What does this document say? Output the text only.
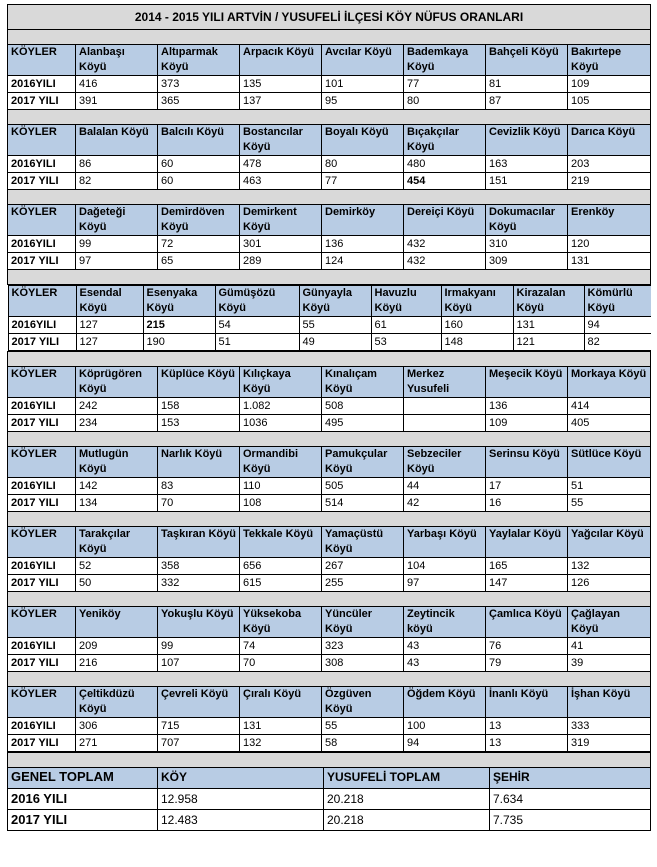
2014 - 2015 YILI ARTVİN / YUSUFELİ İLÇESİ KÖY NÜFUS ORANLARI

KÖYLER	Alanbaşı Köyü	Altıparmak Köyü	Arpacık Köyü	Avcılar Köyü	Bademkaya Köyü	Bahçeli Köyü	Bakırtepe Köyü
2016YILI	416	373	135	101	77	81	109
2017 YILI	391	365	137	95	80	87	105

KÖYLER	Balalan Köyü	Balcılı Köyü	Bostancılar Köyü	Boyalı Köyü	Bıçakçılar Köyü	Cevizlik Köyü	Darıca Köyü
2016YILI	86	60	478	80	480	163	203
2017 YILI	82	60	463	77	454	151	219

KÖYLER	Dağeteği Köyü	Demirdöven Köyü	Demirkent Köyü	Demirköy	Dereiçi Köyü	Dokumacılar Köyü	Erenköy
2016YILI	99	72	301	136	432	310	120
2017 YILI	97	65	289	124	432	309	131

KÖYLER	Esendal Köyü	Esenyaka Köyü	Gümüşözü Köyü	Günyayla Köyü	Havuzlu Köyü	Irmakyanı Köyü	Kirazalan Köyü	Kömürlü Köyü
2016YILI	127	215	54	55	61	160	131	94
2017 YILI	127	190	51	49	53	148	121	82

KÖYLER	Köprügören Köyü	Küplüce Köyü	Kılıçkaya Köyü	Kınalıçam Köyü	Merkez Yusufeli	Meşecik Köyü	Morkaya Köyü
2016YILI	242	158	1.082	508		136	414
2017 YILI	234	153	1036	495		109	405

KÖYLER	Mutlugün Köyü	Narlık Köyü	Ormandibi Köyü	Pamukçular Köyü	Sebzeciler Köyü	Serinsu Köyü	Sütlüce Köyü
2016YILI	142	83	110	505	44	17	51
2017 YILI	134	70	108	514	42	16	55

KÖYLER	Tarakçılar Köyü	Taşkıran Köyü	Tekkale Köyü	Yamaçüstü Köyü	Yarbaşı Köyü	Yaylalar Köyü	Yağcılar Köyü
2016YILI	52	358	656	267	104	165	132
2017 YILI	50	332	615	255	97	147	126

KÖYLER	Yeniköy	Yokuşlu Köyü	Yüksekoba Köyü	Yüncüler Köyü	Zeytincik köyü	Çamlıca Köyü	Çağlayan Köyü
2016YILI	209	99	74	323	43	76	41
2017 YILI	216	107	70	308	43	79	39

KÖYLER	Çeltikdüzü Köyü	Çevreli Köyü	Çıralı Köyü	Özgüven Köyü	Öğdem Köyü	İnanlı Köyü	İşhan Köyü
2016YILI	306	715	131	55	100	13	333
2017 YILI	271	707	132	58	94	13	319

GENEL TOPLAM	KÖY	YUSUFELİ TOPLAM	ŞEHİR
2016 YILI	12.958	20.218	7.634
2017 YILI	12.483	20.218	7.735
